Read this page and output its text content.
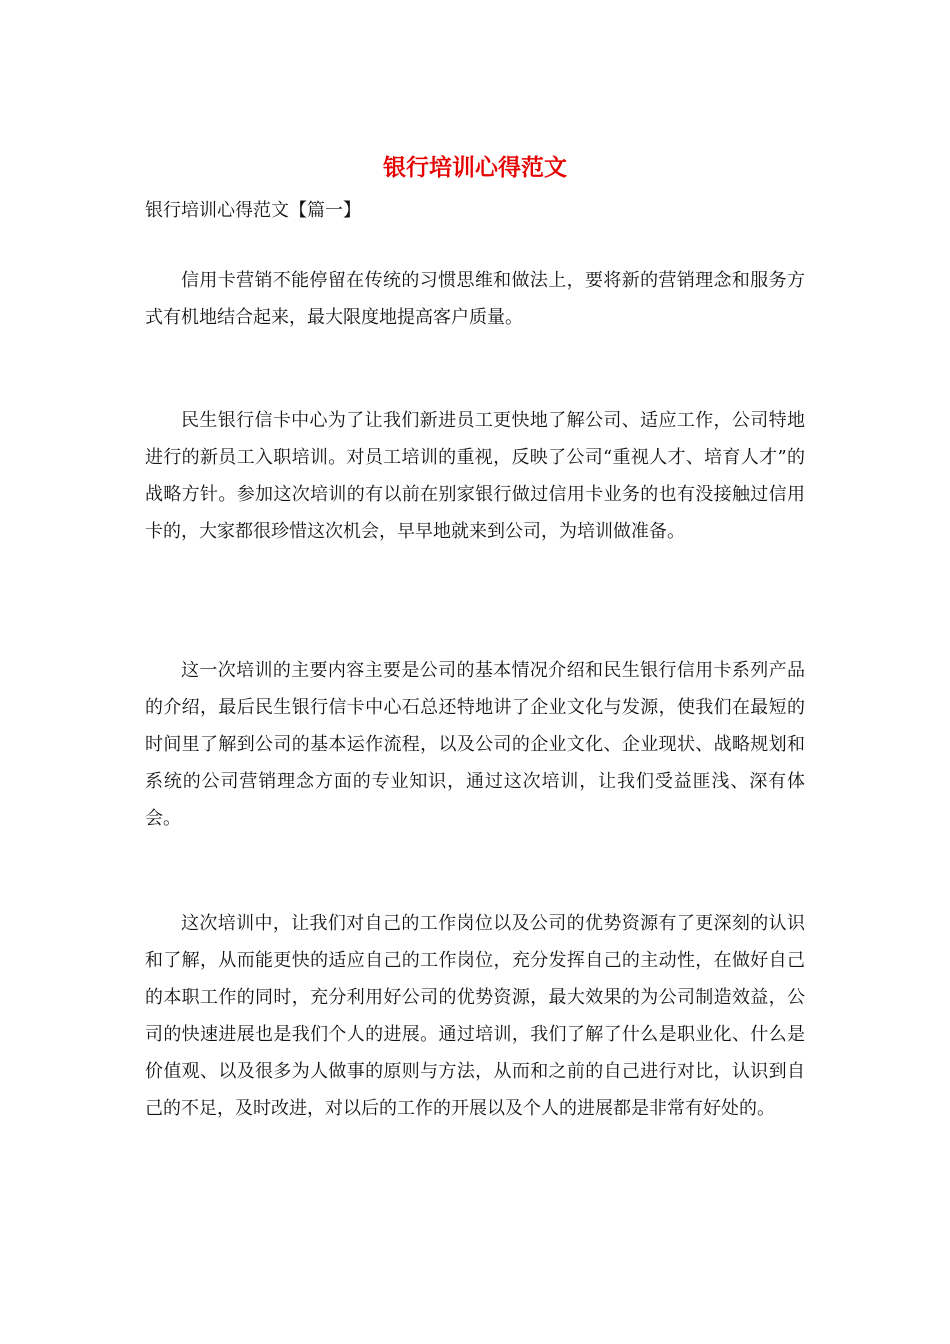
银行培训心得范文

银行培训心得范文【篇一】

信用卡营销不能停留在传统的习惯思维和做法上，要将新的营销理念和服务方式有机地结合起来，最大限度地提高客户质量。

民生银行信卡中心为了让我们新进员工更快地了解公司、适应工作，公司特地进行的新员工入职培训。对员工培训的重视，反映了公司“重视人才、培育人才”的战略方针。参加这次培训的有以前在别家银行做过信用卡业务的也有没接触过信用卡的，大家都很珍惜这次机会，早早地就来到公司，为培训做准备。

这一次培训的主要内容主要是公司的基本情况介绍和民生银行信用卡系列产品的介绍，最后民生银行信卡中心石总还特地讲了企业文化与发源，使我们在最短的时间里了解到公司的基本运作流程，以及公司的企业文化、企业现状、战略规划和系统的公司营销理念方面的专业知识，通过这次培训，让我们受益匪浅、深有体会。

这次培训中，让我们对自己的工作岗位以及公司的优势资源有了更深刻的认识和了解，从而能更快的适应自己的工作岗位，充分发挥自己的主动性，在做好自己的本职工作的同时，充分利用好公司的优势资源，最大效果的为公司制造效益，公司的快速进展也是我们个人的进展。通过培训，我们了解了什么是职业化、什么是价值观、以及很多为人做事的原则与方法，从而和之前的自己进行对比，认识到自己的不足，及时改进，对以后的工作的开展以及个人的进展都是非常有好处的。
